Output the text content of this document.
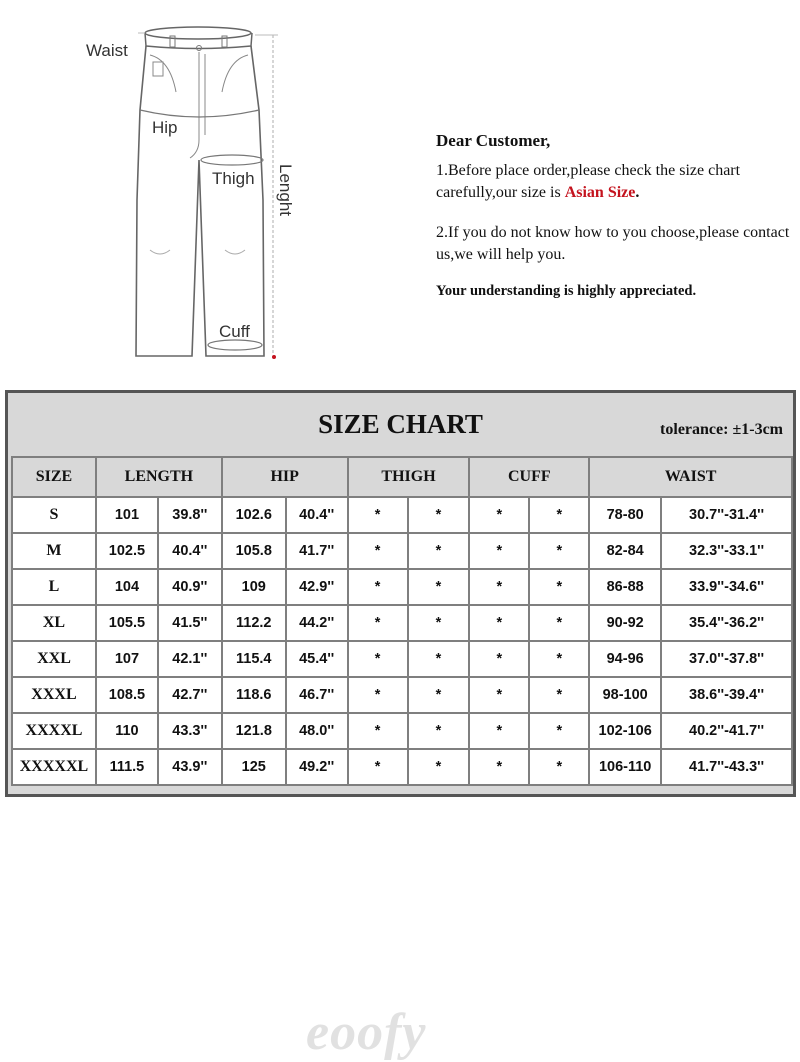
Waist
Hip
Thigh
Cuff
Lenght

Dear Customer,

1.Before place order,please check the size chart carefully,our size is Asian Size.

2.If you do not know how to you choose,please contact us,we will help you.

Your understanding is highly appreciated.

SIZE CHART	tolerance: ±1-3cm
SIZE	LENGTH		HIP		THIGH		CUFF		WAIST	
S	101	39.8''	102.6	40.4''	*	*	*	*	78-80	30.7''-31.4''
M	102.5	40.4''	105.8	41.7''	*	*	*	*	82-84	32.3''-33.1''
L	104	40.9''	109	42.9''	*	*	*	*	86-88	33.9''-34.6''
XL	105.5	41.5''	112.2	44.2''	*	*	*	*	90-92	35.4''-36.2''
XXL	107	42.1''	115.4	45.4''	*	*	*	*	94-96	37.0''-37.8''
XXXL	108.5	42.7''	118.6	46.7''	*	*	*	*	98-100	38.6''-39.4''
XXXXL	110	43.3''	121.8	48.0''	*	*	*	*	102-106	40.2''-41.7''
XXXXXL	111.5	43.9''	125	49.2''	*	*	*	*	106-110	41.7''-43.3''
eoofy
